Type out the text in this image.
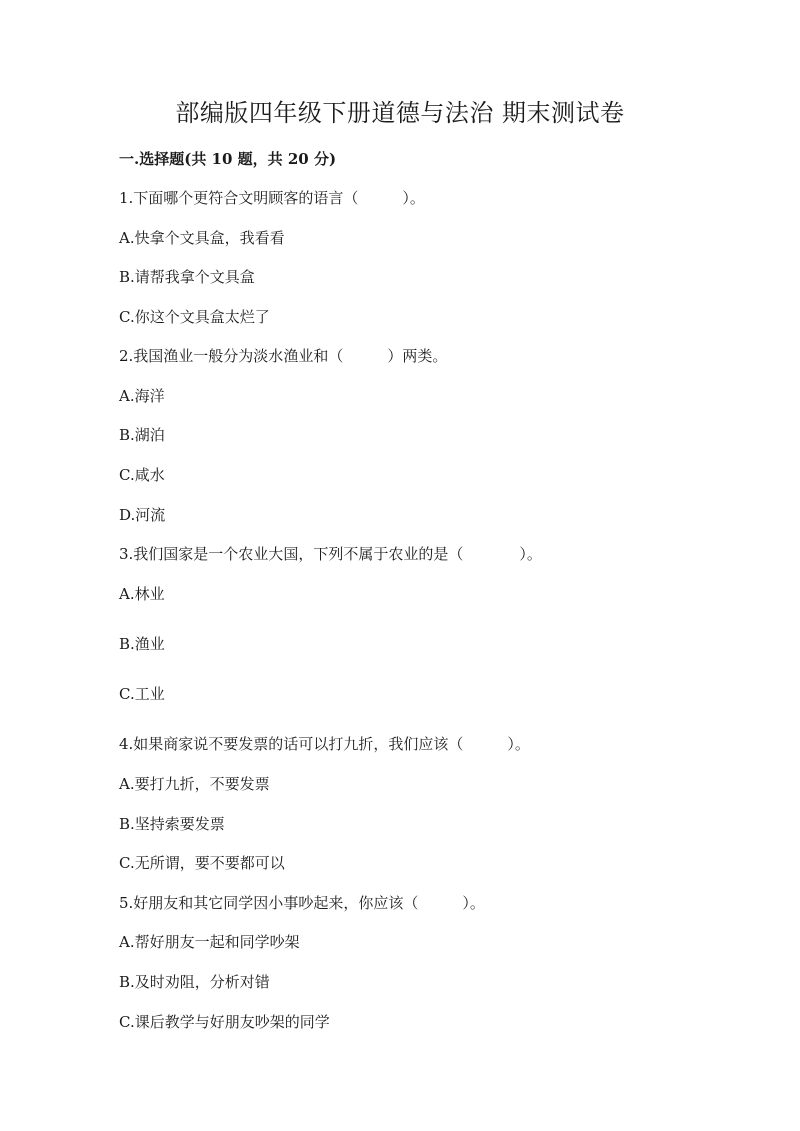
部编版四年级下册道德与法治 期末测试卷
一.选择题(共 10 题，共 20 分)
1.下面哪个更符合文明顾客的语言（	）。
A.快拿个文具盒，我看看
B.请帮我拿个文具盒
C.你这个文具盒太烂了
2.我国渔业一般分为淡水渔业和（	）两类。
A.海洋
B.湖泊
C.咸水
D.河流
3.我们国家是一个农业大国，下列不属于农业的是（	）。
A.林业
B.渔业
C.工业
4.如果商家说不要发票的话可以打九折，我们应该（	）。
A.要打九折，不要发票
B.坚持索要发票
C.无所谓，要不要都可以
5.好朋友和其它同学因小事吵起来，你应该（	）。
A.帮好朋友一起和同学吵架
B.及时劝阻，分析对错
C.课后教学与好朋友吵架的同学
